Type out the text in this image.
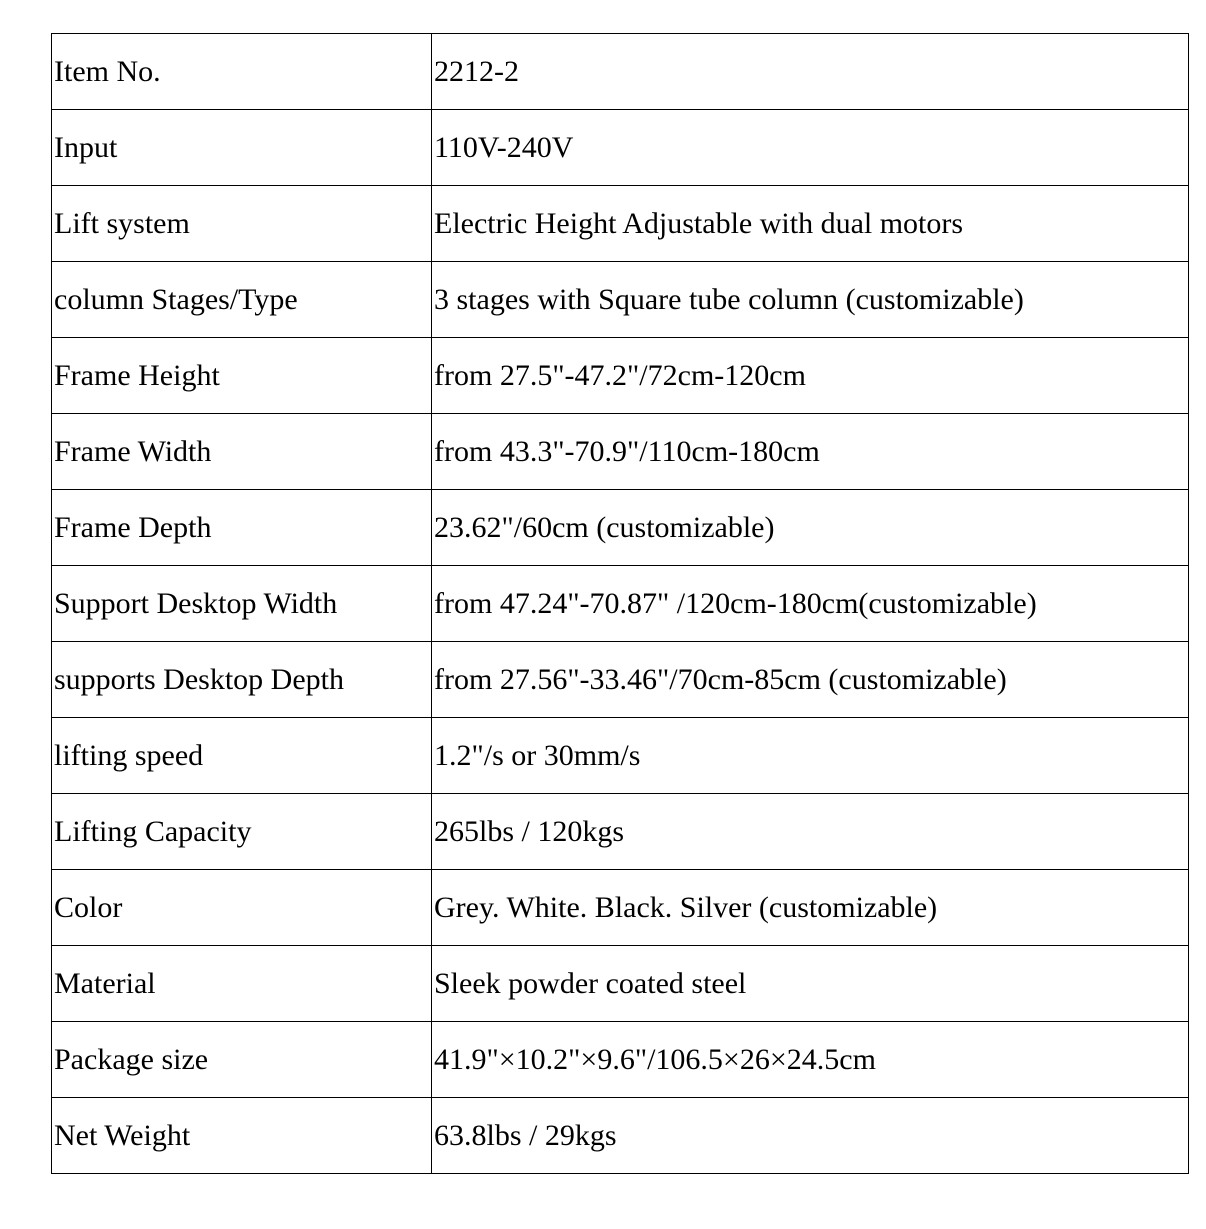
Item No.	2212-2
Input	110V-240V
Lift system	Electric Height Adjustable with dual motors
column Stages/Type	3 stages with Square tube column (customizable)
Frame Height	from 27.5"-47.2"/72cm-120cm
Frame Width	from 43.3"-70.9"/110cm-180cm
Frame Depth	23.62"/60cm (customizable)
Support Desktop Width	from 47.24"-70.87" /120cm-180cm(customizable)
supports Desktop Depth	from 27.56"-33.46"/70cm-85cm (customizable)
lifting speed	1.2"/s or 30mm/s
Lifting Capacity	265lbs / 120kgs
Color	Grey. White. Black. Silver (customizable)
Material	Sleek powder coated steel
Package size	41.9"×10.2"×9.6"/106.5×26×24.5cm
Net Weight	63.8lbs / 29kgs
